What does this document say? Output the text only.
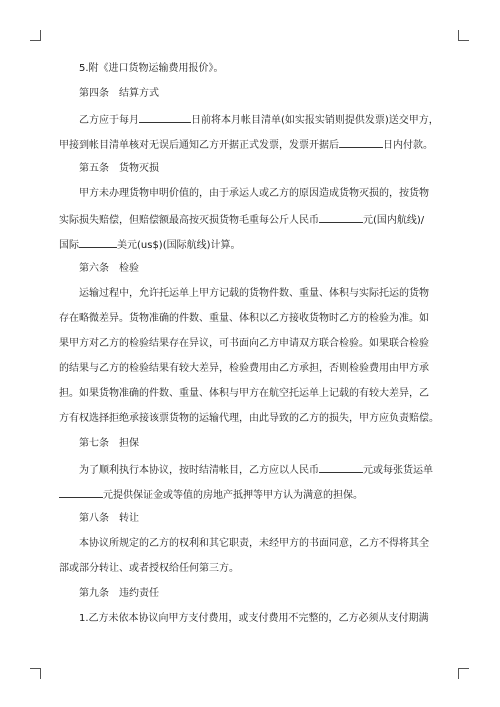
5.附《进口货物运输费用报价》。
第四条　结算方式
乙方应于每月	日前将本月帐目清单(如实报实销则提供发票)送交甲方，
甲接到帐目清单核对无误后通知乙方开据正式发票，发票开据后	日内付款。
第五条　货物灭损
甲方未办理货物申明价值的，由于承运人或乙方的原因造成货物灭损的，按货物
实际损失赔偿，但赔偿额最高按灭损货物毛重每公斤人民币	元(国内航线)/
国际	美元(us$)(国际航线)计算。
第六条　检验
运输过程中，允许托运单上甲方记载的货物件数、重量、体积与实际托运的货物
存在略微差异。货物准确的件数、重量、体积以乙方接收货物时乙方的检验为准。如
果甲方对乙方的检验结果存在异议，可书面向乙方申请双方联合检验。如果联合检验
的结果与乙方的检验结果有较大差异，检验费用由乙方承担，否则检验费用由甲方承
担。如果货物准确的件数、重量、体积与甲方在航空托运单上记载的有较大差异，乙
方有权选择拒绝承接该票货物的运输代理，由此导致的乙方的损失，甲方应负责赔偿。
第七条　担保
为了顺利执行本协议，按时结清帐目，乙方应以人民币	元或每张货运单
元提供保证金或等值的房地产抵押等甲方认为满意的担保。
第八条　转让
本协议所规定的乙方的权利和其它职责，未经甲方的书面同意，乙方不得将其全
部或部分转让、或者授权给任何第三方。
第九条　违约责任
1.乙方未依本协议向甲方支付费用，或支付费用不完整的，乙方必须从支付期满
